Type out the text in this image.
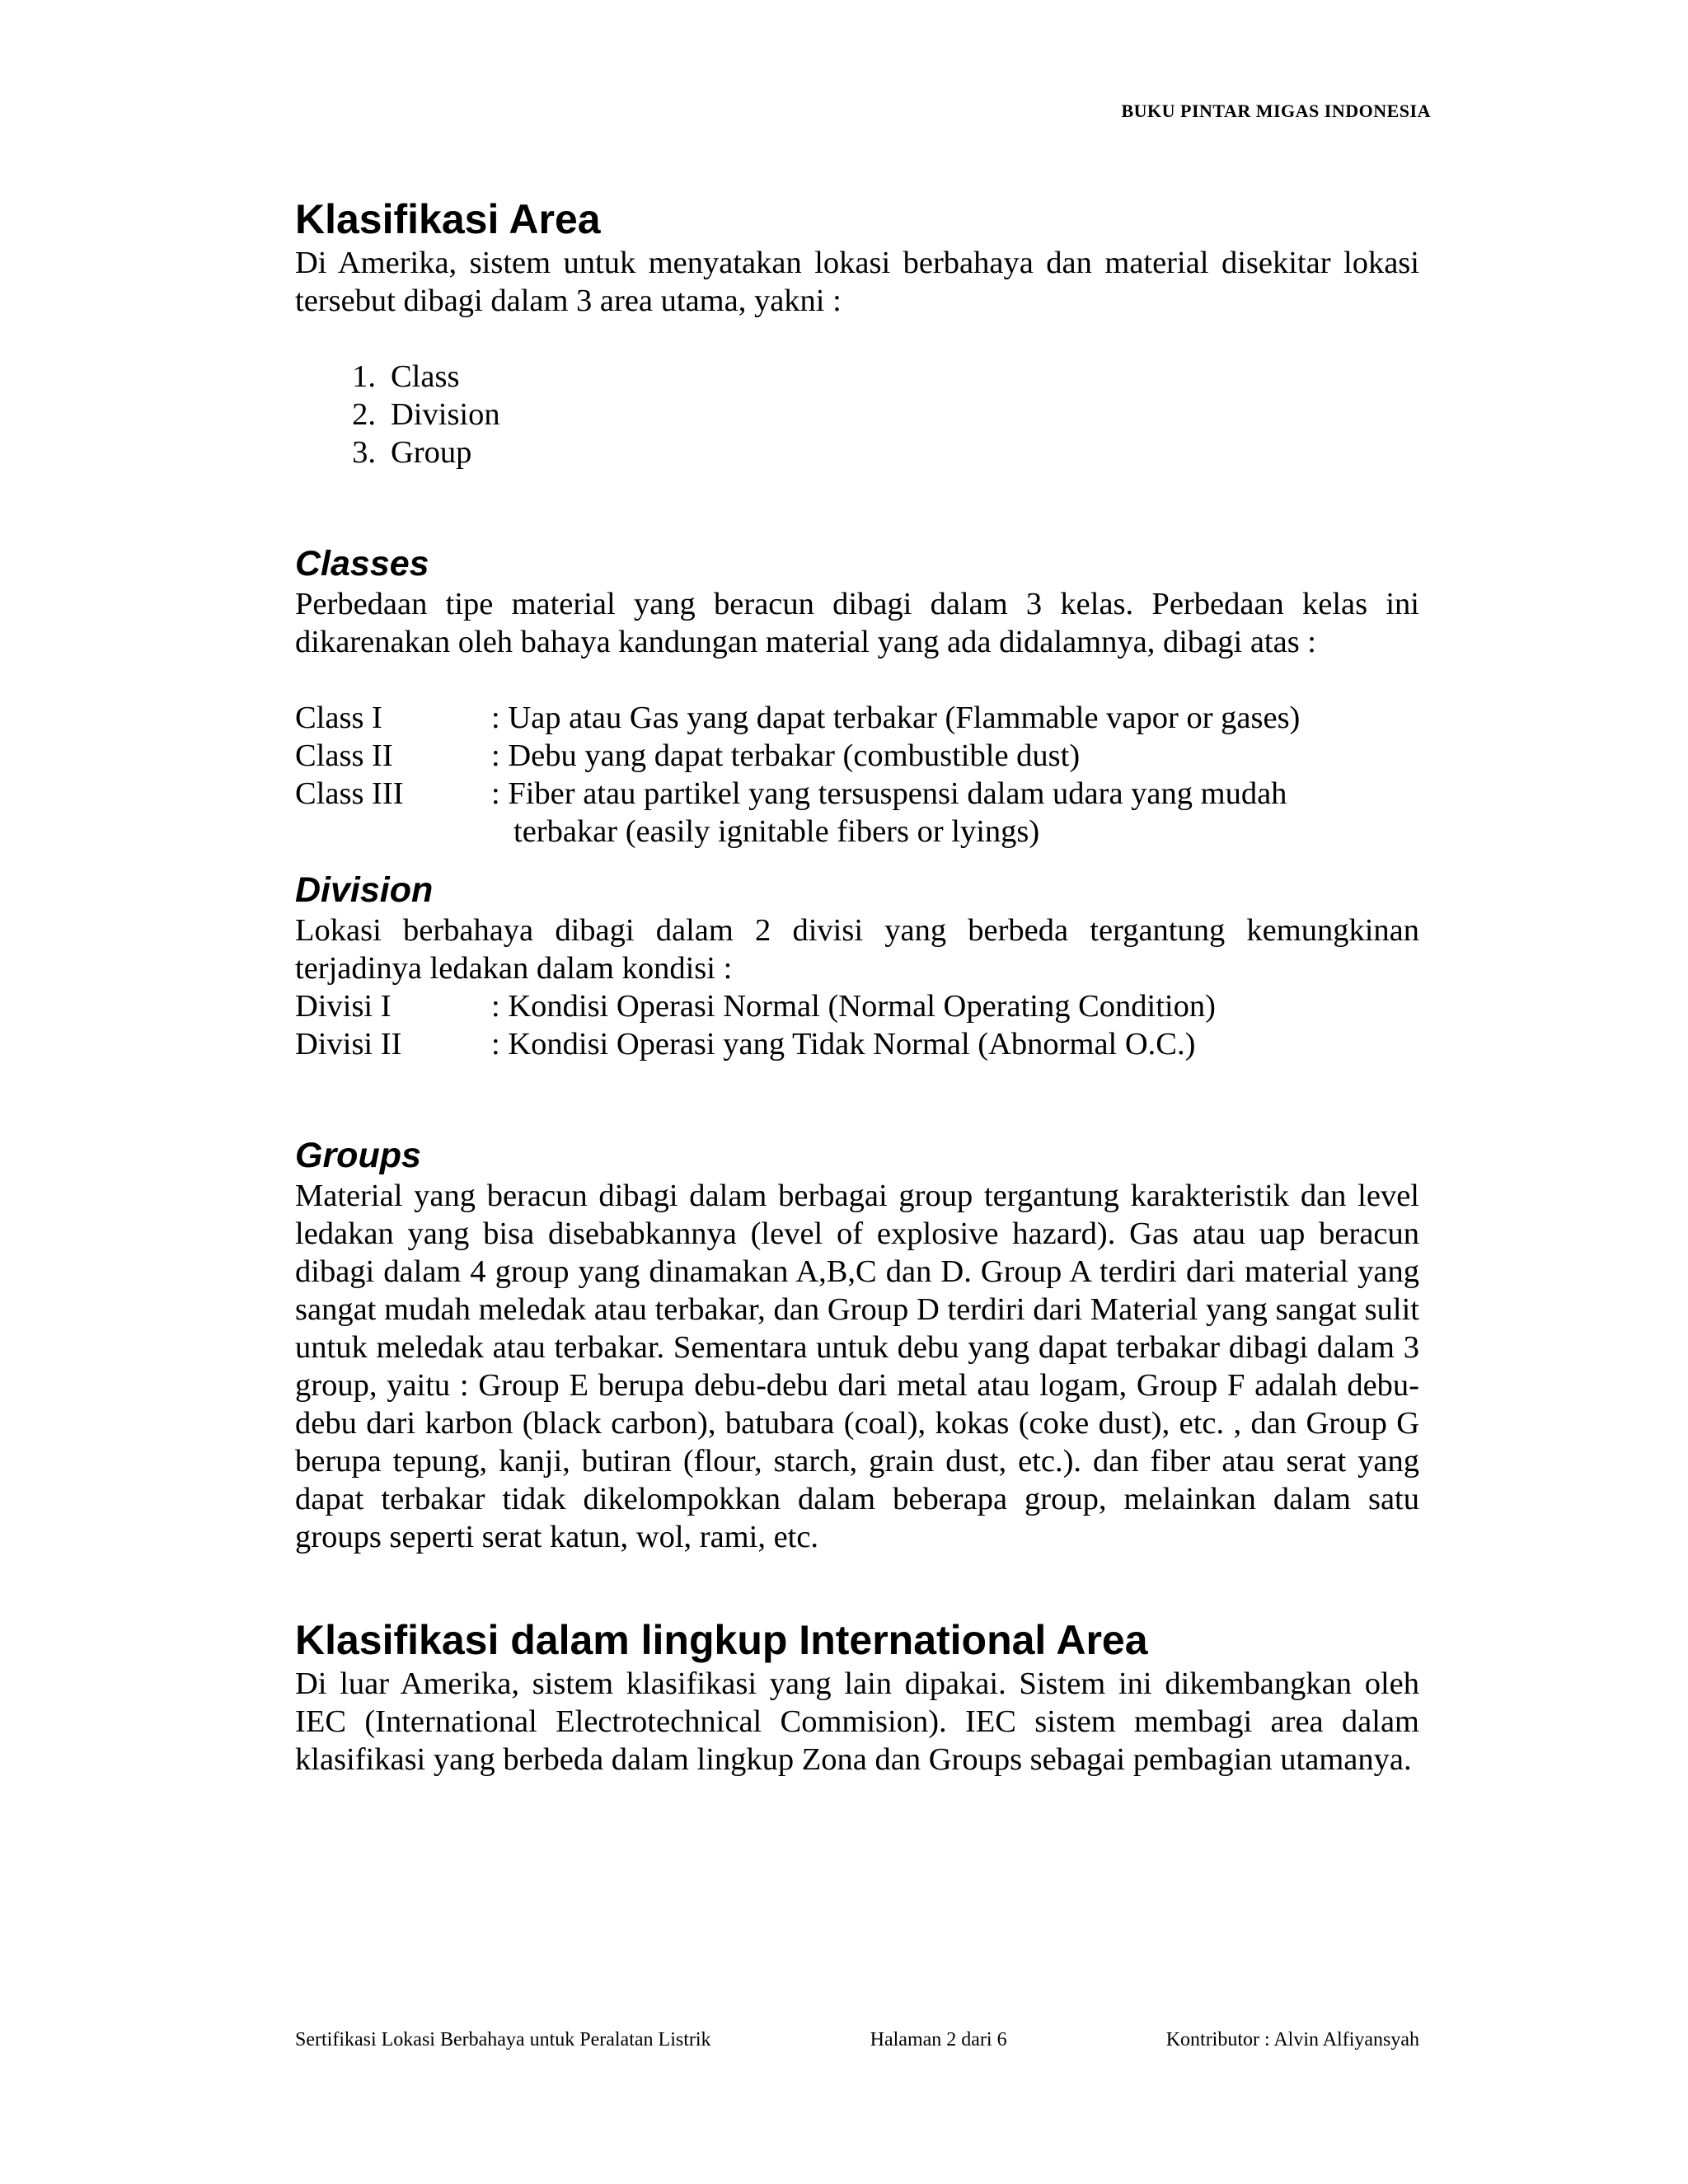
BUKU PINTAR MIGAS INDONESIA
Klasifikasi Area

Di Amerika, sistem untuk menyatakan lokasi berbahaya dan material disekitar lokasi tersebut dibagi dalam 3 area utama, yakni :

1. Class
2. Division
3. Group
Classes

Perbedaan tipe material yang beracun dibagi dalam 3 kelas. Perbedaan kelas ini dikarenakan oleh bahaya kandungan material yang ada didalamnya, dibagi atas :

Class I	: Uap atau Gas yang dapat terbakar (Flammable vapor or gases)
Class II	: Debu yang dapat terbakar (combustible dust)
Class III	: Fiber atau partikel yang tersuspensi dalam udara yang mudah
terbakar (easily ignitable fibers or lyings)
Division

Lokasi berbahaya dibagi dalam 2 divisi yang berbeda tergantung kemungkinan terjadinya ledakan dalam kondisi :

Divisi I	: Kondisi Operasi Normal (Normal Operating Condition)
Divisi II	: Kondisi Operasi yang Tidak Normal (Abnormal O.C.)
Groups

Material yang beracun dibagi dalam berbagai group tergantung karakteristik dan level ledakan yang bisa disebabkannya (level of explosive hazard). Gas atau uap beracun dibagi dalam 4 group yang dinamakan A,B,C dan D. Group A terdiri dari material yang sangat mudah meledak atau terbakar, dan Group D terdiri dari Material yang sangat sulit untuk meledak atau terbakar. Sementara untuk debu yang dapat terbakar dibagi dalam 3 group, yaitu : Group E berupa debu-debu dari metal atau logam, Group F adalah debu-debu dari karbon (black carbon), batubara (coal), kokas (coke dust), etc. , dan Group G berupa tepung, kanji, butiran (flour, starch, grain dust, etc.). dan fiber atau serat yang dapat terbakar tidak dikelompokkan dalam beberapa group, melainkan dalam satu groups seperti serat katun, wol, rami, etc.

Klasifikasi dalam lingkup International Area

Di luar Amerika, sistem klasifikasi yang lain dipakai. Sistem ini dikembangkan oleh IEC (International Electrotechnical Commision). IEC sistem membagi area dalam klasifikasi yang berbeda dalam lingkup Zona dan Groups sebagai pembagian utamanya.

Sertifikasi Lokasi Berbahaya untuk Peralatan Listrik	Halaman 2 dari 6	Kontributor : Alvin Alfiyansyah
